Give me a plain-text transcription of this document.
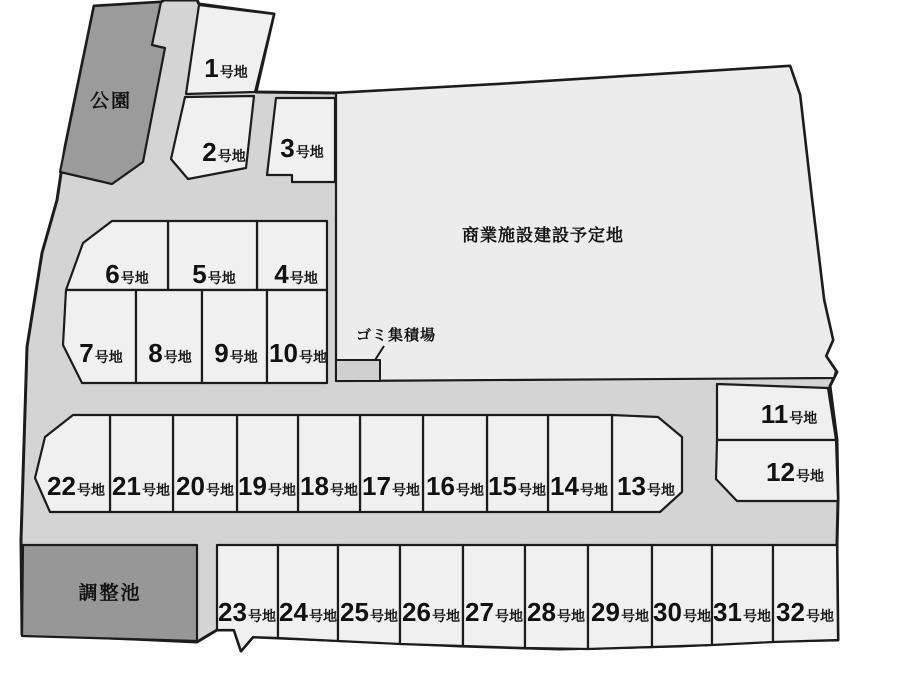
公園
商業施設建設予定地
ゴミ集積場
調整池
1号地
2号地 3号地
4号地
5号地
6号地
7号地 8号地 9号地 10号地
11号地
12号地
13号地
14号地
15号地
16号地
17号地
18号地
19号地
20号地
21号地
22号地
23号地 24号地 25号地 26号地 27号地 28号地 29号地 30号地 31号地 32号地
